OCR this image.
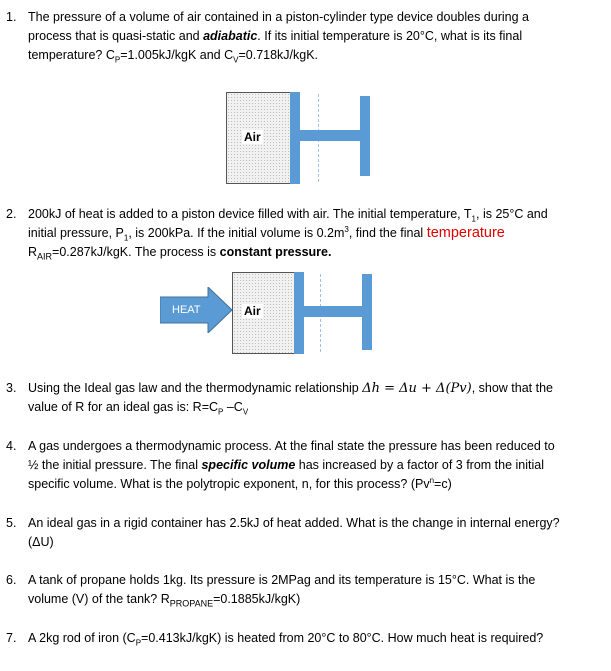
1. The pressure of a volume of air contained in a piston-cylinder type device doubles during a
process that is quasi-static and adiabatic. If its initial temperature is 20°C, what is its final
temperature? $C_P=1.005kJ$/kgK and $C_V=0.718kJ$/kgK.
Air
2. 200kJ of heat is added to a piston device filled with air. The initial temperature, $T_1$, is 25°C and
initial pressure, $P_1$, is 200kPa. If the initial volume is $0.2m^3$, find the final temperature
$R_{AIR}=0.287kJ$/kgK. The process is constant pressure.
HEAT	Air
3. Using the Ideal gas law and the thermodynamic relationship Δh = Δu + Δ(Pv), show that the
value of R for an ideal gas is: $R=C_P$ $-C_V$
4. A gas undergoes a thermodynamic process. At the final state the pressure has been reduced to
½ the initial pressure. The final specific volume has increased by a factor of 3 from the initial
specific volume. What is the polytropic exponent, n, for this process? $(Pv^n=c)$
5. An ideal gas in a rigid container has 2.5kJ of heat added. What is the change in internal energy?
(ΔU)
6. A tank of propane holds 1kg. Its pressure is 2MPag and its temperature is 15°C. What is the
volume (V) of the tank? $R_{PROPANE}=0.1885kJ/kgK$)
7. A 2kg rod of iron $(C_P=0.413kJ/kgK)$ is heated from 20°C to 80°C. How much heat is required?
